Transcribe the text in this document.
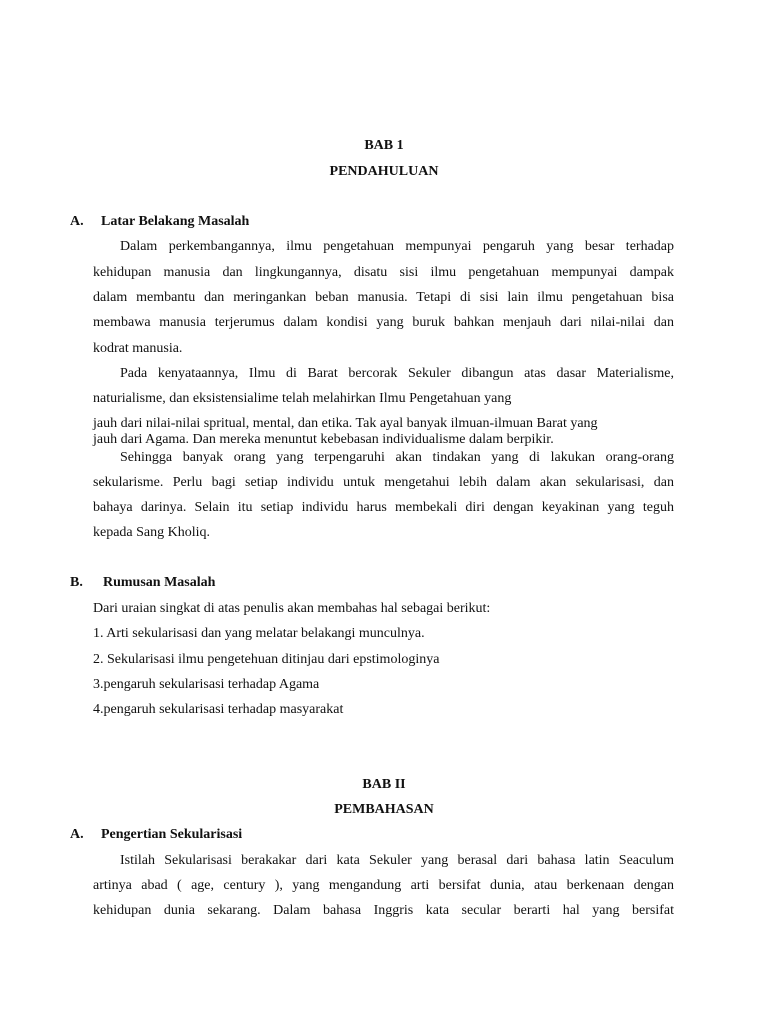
BAB 1
PENDAHULUAN
A. Latar Belakang Masalah
Dalam perkembangannya, ilmu pengetahuan mempunyai pengaruh yang besar terhadap
kehidupan manusia dan lingkungannya, disatu sisi ilmu pengetahuan mempunyai dampak
dalam membantu dan meringankan beban manusia. Tetapi di sisi lain ilmu pengetahuan bisa
membawa manusia terjerumus dalam kondisi yang buruk bahkan menjauh dari nilai-nilai dan
kodrat manusia.
Pada kenyataannya, Ilmu di Barat bercorak Sekuler dibangun atas dasar Materialisme,
naturialisme, dan eksistensialime telah melahirkan Ilmu Pengetahuan yang
jauh dari nilai-nilai spritual, mental, dan etika. Tak ayal banyak ilmuan-ilmuan Barat yang
jauh dari Agama. Dan mereka menuntut kebebasan individualisme dalam berpikir.
Sehingga banyak orang yang terpengaruhi akan tindakan yang di lakukan orang-orang
sekularisme. Perlu bagi setiap individu untuk mengetahui lebih dalam akan sekularisasi, dan
bahaya darinya. Selain itu setiap individu harus membekali diri dengan keyakinan yang teguh
kepada Sang Kholiq.
B. Rumusan Masalah
Dari uraian singkat di atas penulis akan membahas hal sebagai berikut:
1. Arti sekularisasi dan yang melatar belakangi munculnya.
2. Sekularisasi ilmu pengetehuan ditinjau dari epstimologinya
3.pengaruh sekularisasi terhadap Agama
4.pengaruh sekularisasi terhadap masyarakat
BAB II
PEMBAHASAN
A. Pengertian Sekularisasi
Istilah Sekularisasi berakakar dari kata Sekuler yang berasal dari bahasa latin Seaculum
artinya abad ( age, century ), yang mengandung arti bersifat dunia, atau berkenaan dengan
kehidupan dunia sekarang. Dalam bahasa Inggris kata secular berarti hal yang bersifat
